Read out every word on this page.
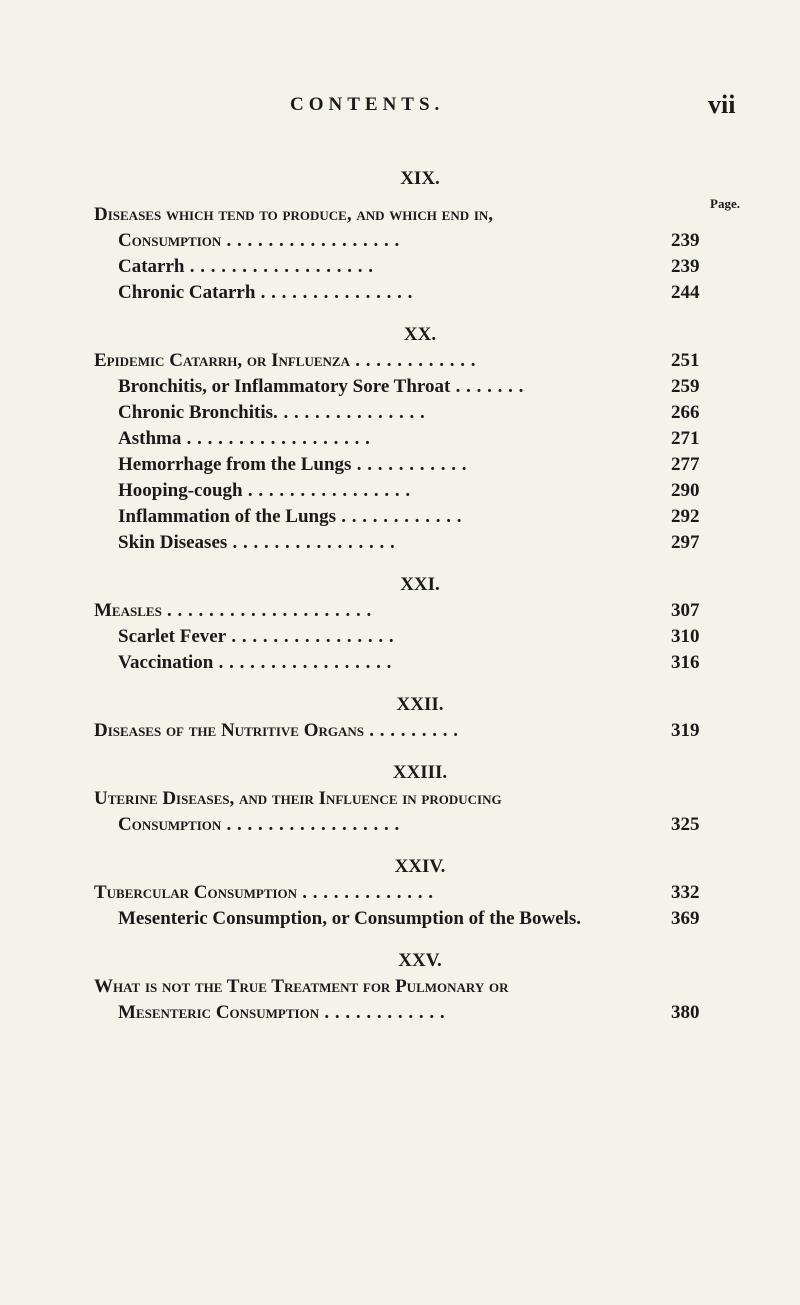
CONTENTS.	vii
Page.
XIX.
Diseases which tend to produce, and which end in,
Consumption . . . . . . . . . . . . . . . . .	239
Catarrh . . . . . . . . . . . . . . . . . .	239
Chronic Catarrh . . . . . . . . . . . . . . .	244
XX.
Epidemic Catarrh, or Influenza . . . . . . . . . . . .	251
Bronchitis, or Inflammatory Sore Throat . . . . . . .	259
Chronic Bronchitis. . . . . . . . . . . . . . .	266
Asthma . . . . . . . . . . . . . . . . . .	271
Hemorrhage from the Lungs . . . . . . . . . . .	277
Hooping-cough . . . . . . . . . . . . . . . .	290
Inflammation of the Lungs . . . . . . . . . . . .	292
Skin Diseases . . . . . . . . . . . . . . . .	297
XXI.
Measles . . . . . . . . . . . . . . . . . . . .	307
Scarlet Fever . . . . . . . . . . . . . . . .	310
Vaccination . . . . . . . . . . . . . . . . .	316
XXII.
Diseases of the Nutritive Organs . . . . . . . . .	319
XXIII.
Uterine Diseases, and their Influence in producing
Consumption . . . . . . . . . . . . . . . . .	325
XXIV.
Tubercular Consumption . . . . . . . . . . . . .	332
Mesenteric Consumption, or Consumption of the Bowels.	369
XXV.
What is not the True Treatment for Pulmonary or
Mesenteric Consumption . . . . . . . . . . . .	380
